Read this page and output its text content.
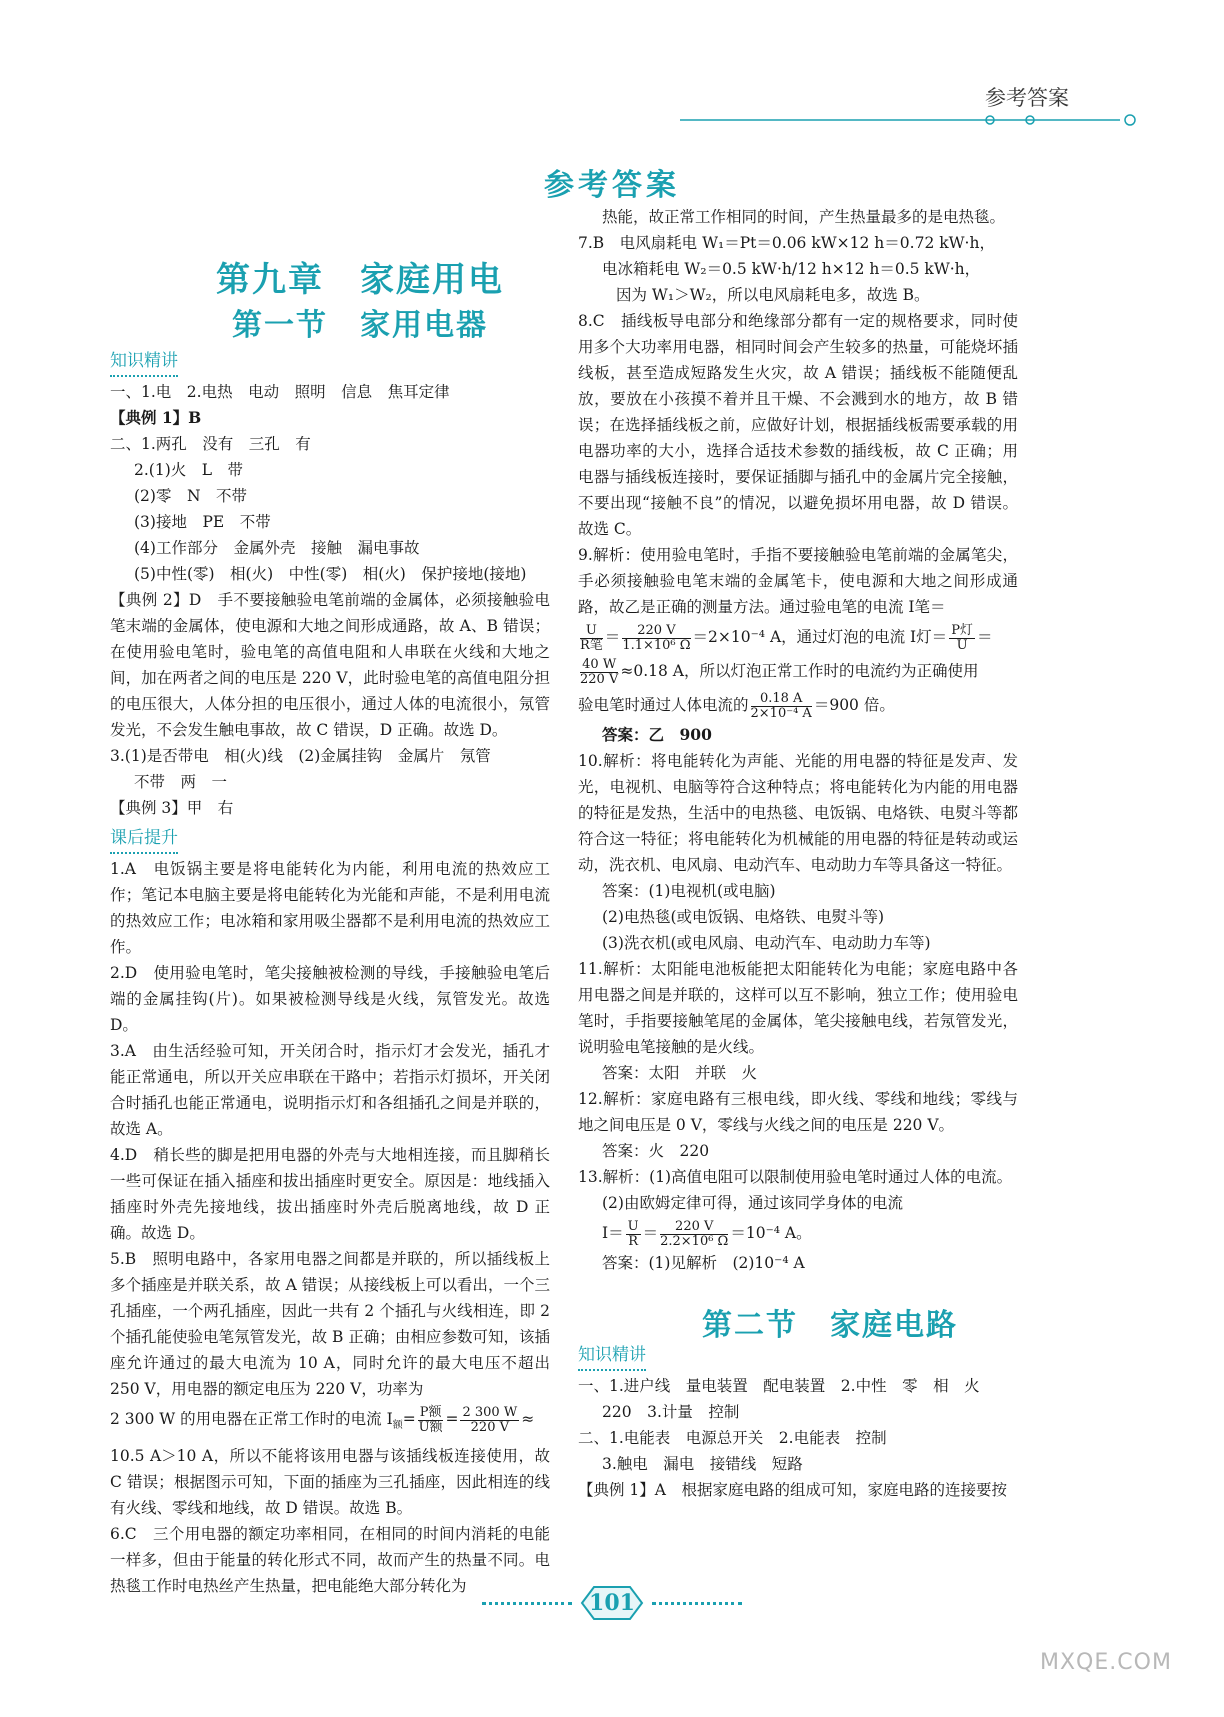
参考答案
参考答案
第九章　家庭用电
第一节　家用电器
知识精讲

一、1.电　2.电热　电动　照明　信息　焦耳定律

【典例 1】B

二、1.两孔　没有　三孔　有

2.(1)火　L　带

(2)零　N　不带

(3)接地　PE　不带

(4)工作部分　金属外壳　接触　漏电事故

(5)中性(零)　相(火)　中性(零)　相(火)　保护接地(接地)

【典例 2】D　手不要接触验电笔前端的金属体，必须接触验电笔末端的金属体，使电源和大地之间形成通路，故 A、B 错误；在使用验电笔时，验电笔的高值电阻和人串联在火线和大地之间，加在两者之间的电压是 220 V，此时验电笔的高值电阻分担的电压很大，人体分担的电压很小，通过人体的电流很小，氖管发光，不会发生触电事故，故 C 错误，D 正确。故选 D。

3.(1)是否带电　相(火)线　(2)金属挂钩　金属片　氖管

不带　两　一

【典例 3】甲　右

课后提升

1.A　电饭锅主要是将电能转化为内能，利用电流的热效应工作；笔记本电脑主要是将电能转化为光能和声能，不是利用电流的热效应工作；电冰箱和家用吸尘器都不是利用电流的热效应工作。

2.D　使用验电笔时，笔尖接触被检测的导线，手接触验电笔后端的金属挂钩(片)。如果被检测导线是火线，氖管发光。故选 D。

3.A　由生活经验可知，开关闭合时，指示灯才会发光，插孔才能正常通电，所以开关应串联在干路中；若指示灯损坏，开关闭合时插孔也能正常通电，说明指示灯和各组插孔之间是并联的，故选 A。

4.D　稍长些的脚是把用电器的外壳与大地相连接，而且脚稍长一些可保证在插入插座和拔出插座时更安全。原因是：地线插入插座时外壳先接地线，拔出插座时外壳后脱离地线，故 D 正确。故选 D。

5.B　照明电路中，各家用电器之间都是并联的，所以插线板上多个插座是并联关系，故 A 错误；从接线板上可以看出，一个三孔插座，一个两孔插座，因此一共有 2 个插孔与火线相连，即 2 个插孔能使验电笔氖管发光，故 B 正确；由相应参数可知，该插座允许通过的最大电流为 10 A，同时允许的最大电压不超出 250 V，用电器的额定电压为 220 V，功率为

2 300 W 的用电器在正常工作时的电流 $I_额= \frac{\text{P额}}{\text{U额}} = \frac{2 300 W}{220 V}$ ≈

10.5 A＞10 A，所以不能将该用电器与该插线板连接使用，故 C 错误；根据图示可知，下面的插座为三孔插座，因此相连的线有火线、零线和地线，故 D 错误。故选 B。

6.C　三个用电器的额定功率相同，在相同的时间内消耗的电能一样多，但由于能量的转化形式不同，故而产生的热量不同。电热毯工作时电热丝产生热量，把电能绝大部分转化为

热能，故正常工作相同的时间，产生热量最多的是电热毯。

7.B　电风扇耗电 W₁＝Pt＝0.06 kW×12 h＝0.72 kW·h，

电冰箱耗电 W₂＝0.5 kW·h/12 h×12 h＝0.5 kW·h，

因为 W₁＞W₂，所以电风扇耗电多，故选 B。

8.C　插线板导电部分和绝缘部分都有一定的规格要求，同时使用多个大功率用电器，相同时间会产生较多的热量，可能烧坏插线板，甚至造成短路发生火灾，故 A 错误；插线板不能随便乱放，要放在小孩摸不着并且干燥、不会溅到水的地方，故 B 错误；在选择插线板之前，应做好计划，根据插线板需要承载的用电器功率的大小，选择合适技术参数的插线板，故 C 正确；用电器与插线板连接时，要保证插脚与插孔中的金属片完全接触，不要出现“接触不良”的情况，以避免损坏用电器，故 D 错误。故选 C。

9.解析：使用验电笔时，手指不要接触验电笔前端的金属笔尖，手必须接触验电笔末端的金属笔卡，使电源和大地之间形成通路，故乙是正确的测量方法。通过验电笔的电流 I笔＝

$\frac{U}{\text{R笔}} = \frac{220 V}{\text{1.1×10⁶ Ω}} =2\times 10^{-4}$ A，通过灯泡的电流 I灯＝ $\frac{\text{P灯}}{U}$ ＝

$\frac{40 W}{220 V} \approx 0.18$ A，所以灯泡正常工作时的电流约为正确使用

验电笔时通过人体电流的 $\frac{0.18 A}{\text{2×10⁻⁴ A}} =900$ 倍。

答案：乙　900

10.解析：将电能转化为声能、光能的用电器的特征是发声、发光，电视机、电脑等符合这种特点；将电能转化为内能的用电器的特征是发热，生活中的电热毯、电饭锅、电烙铁、电熨斗等都符合这一特征；将电能转化为机械能的用电器的特征是转动或运动，洗衣机、电风扇、电动汽车、电动助力车等具备这一特征。

答案：(1)电视机(或电脑)

(2)电热毯(或电饭锅、电烙铁、电熨斗等)

(3)洗衣机(或电风扇、电动汽车、电动助力车等)

11.解析：太阳能电池板能把太阳能转化为电能；家庭电路中各用电器之间是并联的，这样可以互不影响，独立工作；使用验电笔时，手指要接触笔尾的金属体，笔尖接触电线，若氖管发光，说明验电笔接触的是火线。

答案：太阳　并联　火

12.解析：家庭电路有三根电线，即火线、零线和地线；零线与地之间电压是 0 V，零线与火线之间的电压是 220 V。

答案：火　220

13.解析：(1)高值电阻可以限制使用验电笔时通过人体的电流。

(2)由欧姆定律可得，通过该同学身体的电流

$I= \frac{U}{R} = \frac{220 V}{\text{2.2×10⁶ Ω}} =10^{-4}$ A。

答案：(1)见解析　(2)10⁻⁴ A

第二节　家庭电路
知识精讲

一、1.进户线　量电装置　配电装置　2.中性　零　相　火

220　3.计量　控制

二、1.电能表　电源总开关　2.电能表　控制

3.触电　漏电　接错线　短路

【典例 1】A　根据家庭电路的组成可知，家庭电路的连接要按

101
MXQE.COM
